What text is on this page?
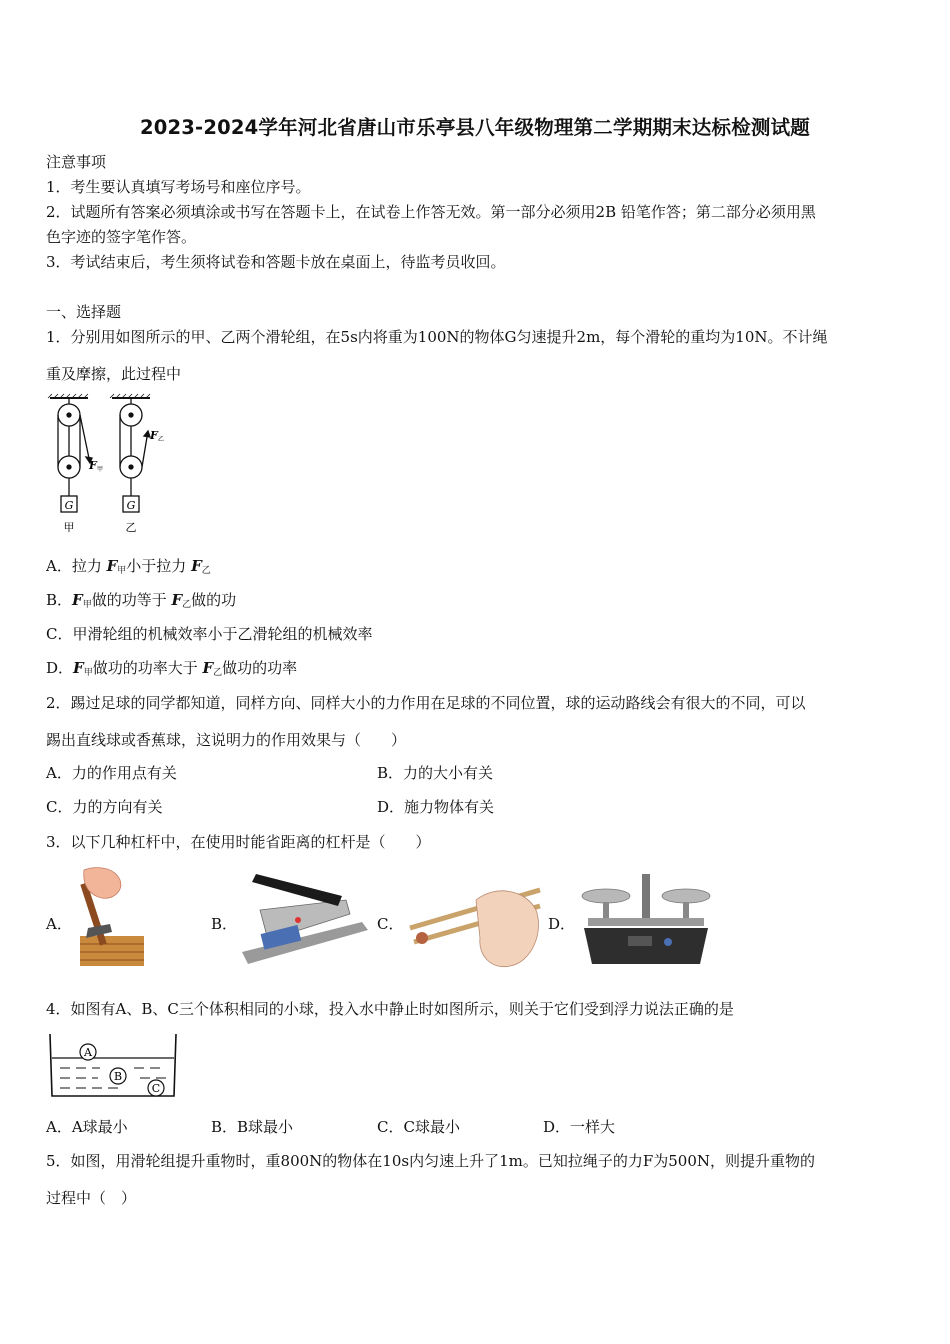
2023-2024学年河北省唐山市乐亭县八年级物理第二学期期末达标检测试题
注意事项
1．考生要认真填写考场号和座位序号。
2．试题所有答案必须填涂或书写在答题卡上，在试卷上作答无效。第一部分必须用2B 铅笔作答；第二部分必须用黑
色字迹的签字笔作答。
3．考试结束后，考生须将试卷和答题卡放在桌面上，待监考员收回。
一、选择题
1．分别用如图所示的甲、乙两个滑轮组，在5s内将重为100N的物体G匀速提升2m，每个滑轮的重均为10N。不计绳
重及摩擦，此过程中
G	G
F 甲
F 乙
甲	乙
A．拉力 $F_甲$小于拉力 $F_乙$
B．$F_甲$做的功等于 $F_乙$做的功
C．甲滑轮组的机械效率小于乙滑轮组的机械效率
D．$F_甲$做功的功率大于 $F_乙$做功的功率
2．踢过足球的同学都知道，同样方向、同样大小的力作用在足球的不同位置，球的运动路线会有很大的不同，可以
踢出直线球或香蕉球，这说明力的作用效果与（　　）
A．力的作用点有关	B．力的大小有关
C．力的方向有关	D．施力物体有关
3．以下几种杠杆中，在使用时能省距离的杠杆是（　　）
A．	B．	C．	D．
4．如图有A、B、C三个体积相同的小球，投入水中静止时如图所示，则关于它们受到浮力说法正确的是
A
B
C
A．A球最小	B．B球最小	C．C球最小	D．一样大
5．如图，用滑轮组提升重物时，重800N的物体在10s内匀速上升了1m。已知拉绳子的力F为500N，则提升重物的
过程中（　）
